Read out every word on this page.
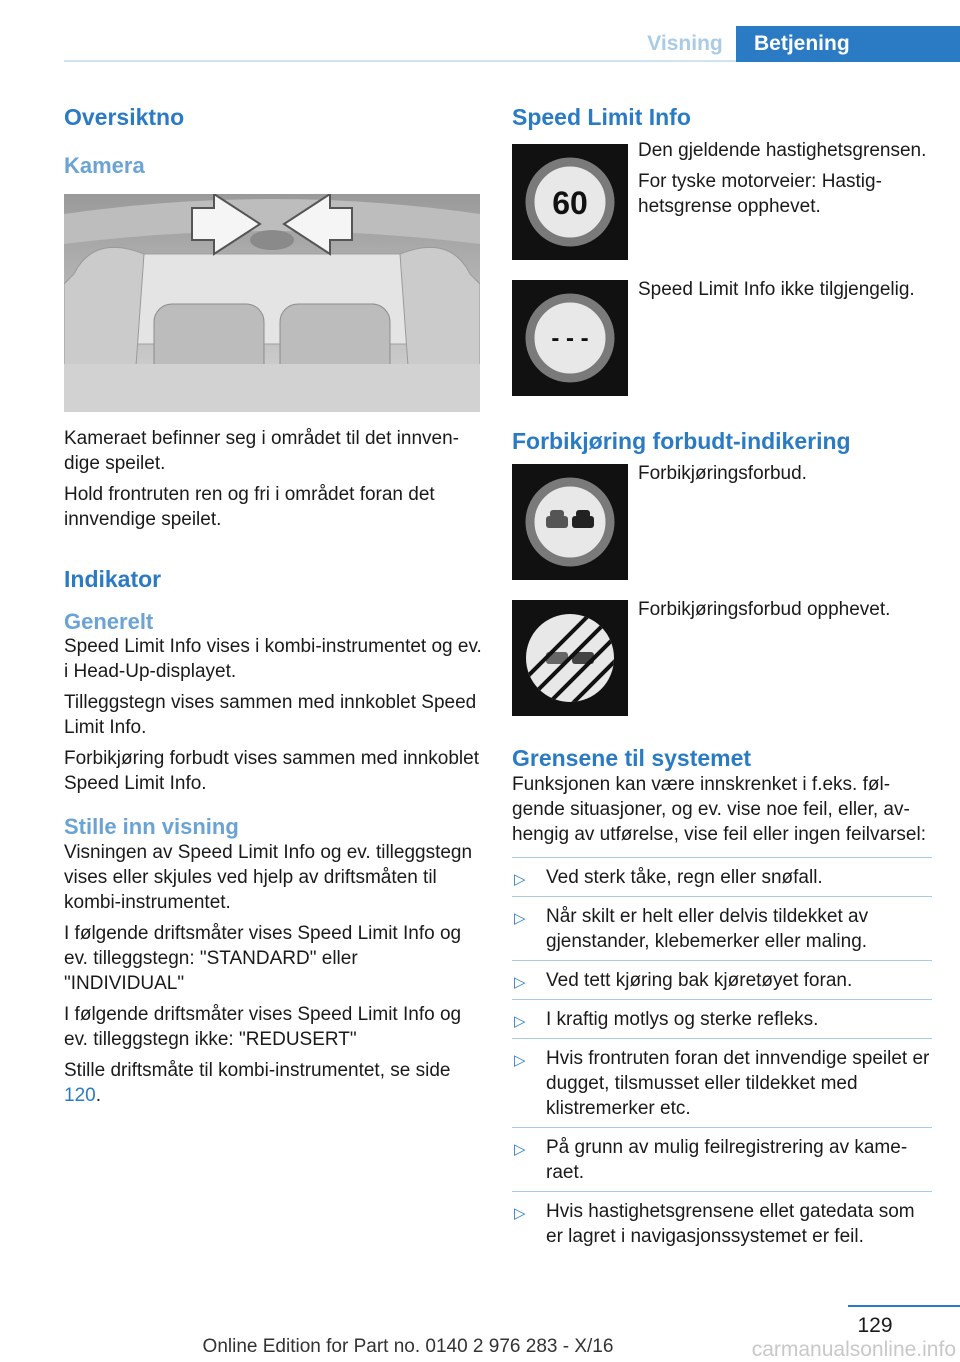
Visning	Betjening
Oversiktno
Kamera

Kameraet befinner seg i området til det innvendige speilet.

Hold frontruten ren og fri i området foran det innvendige speilet.

Indikator
Generelt

Speed Limit Info vises i kombi-instrumentet og ev. i Head-Up-displayet.

Tilleggstegn vises sammen med innkoblet Speed Limit Info.

Forbikjøring forbudt vises sammen med innkoblet Speed Limit Info.

Stille inn visning

Visningen av Speed Limit Info og ev. tilleggstegn vises eller skjules ved hjelp av driftsmåten til kombi-instrumentet.

I følgende driftsmåter vises Speed Limit Info og ev. tilleggstegn: "STANDARD" eller "INDIVIDUAL"

I følgende driftsmåter vises Speed Limit Info og ev. tilleggstegn ikke: "REDUSERT"

Stille driftsmåte til kombi-instrumentet, se side 120.

Speed Limit Info
60

Den gjeldende hastighetsgrensen.

For tyske motorveier: Hastighetsgrense opphevet.

- - -

Speed Limit Info ikke tilgjengelig.

Forbikjøring forbudt-indikering

Forbikjøringsforbud.

Forbikjøringsforbud opphevet.

Grensene til systemet

Funksjonen kan være innskrenket i f.eks. følgende situasjoner, og ev. vise noe feil, eller, avhengig av utførelse, vise feil eller ingen feilvarsel:

▷ Ved sterk tåke, regn eller snøfall.
▷ Når skilt er helt eller delvis tildekket av gjenstander, klebemerker eller maling.
▷ Ved tett kjøring bak kjøretøyet foran.
▷ I kraftig motlys og sterke refleks.
▷ Hvis frontruten foran det innvendige speilet er dugget, tilsmusset eller tildekket med klistremerker etc.
▷ På grunn av mulig feilregistrering av kameraet.
▷ Hvis hastighetsgrensene ellet gatedata som er lagret i navigasjonssystemet er feil.
129
Online Edition for Part no. 0140 2 976 283 - X/16	carmanualsonline.info
